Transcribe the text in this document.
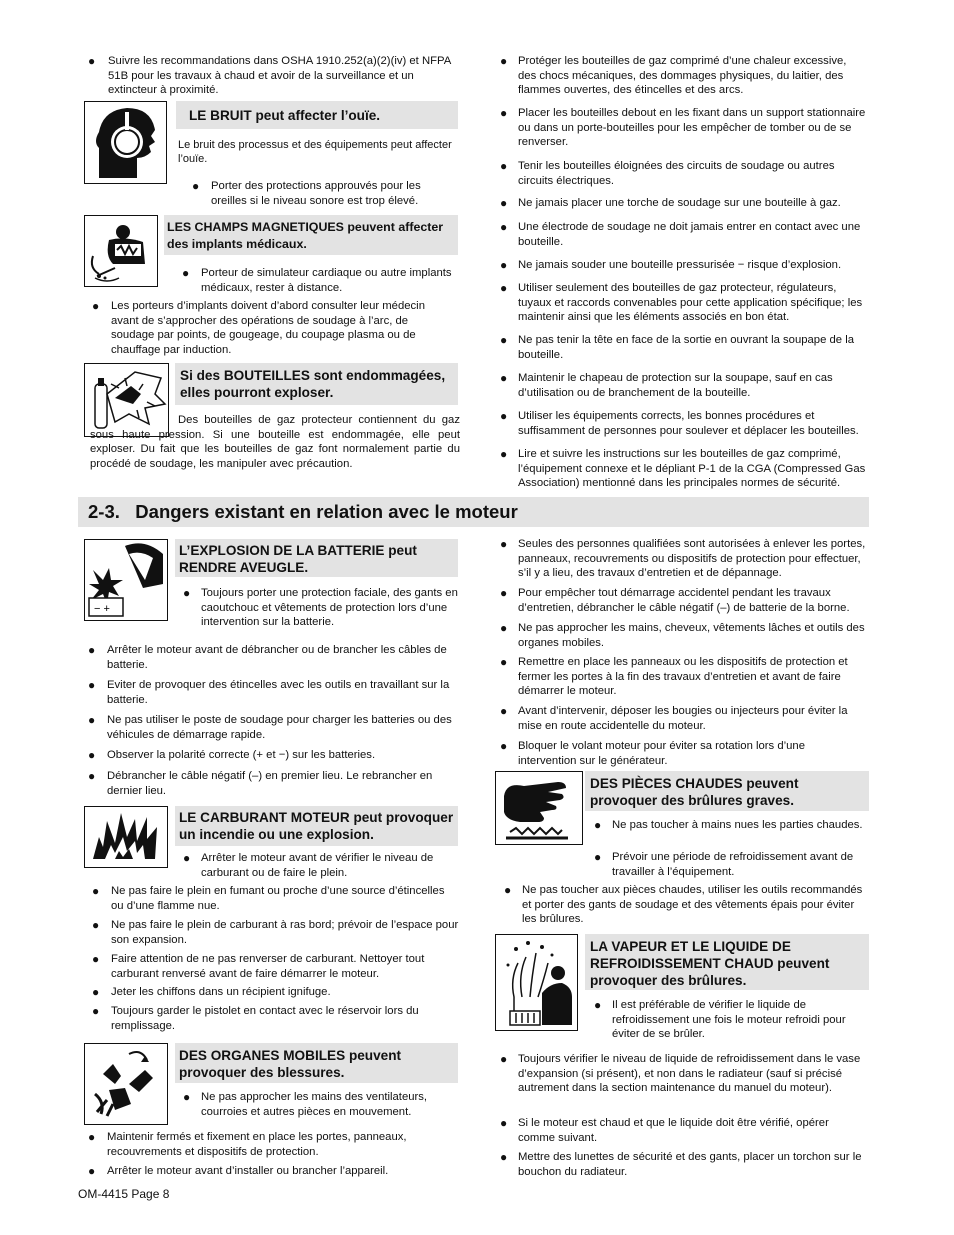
● Suivre les recommandations dans OSHA 1910.252(a)(2)(iv) et NFPA 51B pour les travaux à chaud et avoir de la surveillance et un extincteur à proximité.
LE BRUIT peut affecter l’ouïe.
Le bruit des processus et des équipements peut affecter l’ouïe.
● Porter des protections approuvés pour les oreilles si le niveau sonore est trop élevé.
LES CHAMPS MAGNETIQUES peuvent affecter des implants médicaux.
● Porteur de simulateur cardiaque ou autre implants médicaux, rester à distance.
● Les porteurs d’implants doivent d’abord consulter leur médecin avant de s’approcher des opérations de soudage à l’arc, de soudage par points, de gougeage, du coupage plasma ou de chauffage par induction.
Si des BOUTEILLES sont endommagées, elles pourront exploser.
Des bouteilles de gaz protecteur contiennent du gaz sous haute pression. Si une bouteille est endommagée, elle peut exploser. Du fait que les bouteilles de gaz font normalement partie du procédé de soudage, les manipuler avec précaution.
● Protéger les bouteilles de gaz comprimé d’une chaleur excessive, des chocs mécaniques, des dommages physiques, du laitier, des flammes ouvertes, des étincelles et des arcs.
● Placer les bouteilles debout en les fixant dans un support stationnaire ou dans un porte-bouteilles pour les empêcher de tomber ou de se renverser.
● Tenir les bouteilles éloignées des circuits de soudage ou autres circuits électriques.
● Ne jamais placer une torche de soudage sur une bouteille à gaz.
● Une électrode de soudage ne doit jamais entrer en contact avec une bouteille.
● Ne jamais souder une bouteille pressurisée − risque d’explosion.
● Utiliser seulement des bouteilles de gaz protecteur, régulateurs, tuyaux et raccords convenables pour cette application spécifique; les maintenir ainsi que les éléments associés en bon état.
● Ne pas tenir la tête en face de la sortie en ouvrant la soupape de la bouteille.
● Maintenir le chapeau de protection sur la soupape, sauf en cas d’utilisation ou de branchement de la bouteille.
● Utiliser les équipements corrects, les bonnes procédures et suffisamment de personnes pour soulever et déplacer les bouteilles.
● Lire et suivre les instructions sur les bouteilles de gaz comprimé, l’équipement connexe et le dépliant P-1 de la CGA (Compressed Gas Association) mentionné dans les principales normes de sécurité.
2-3.   Dangers existant en relation avec le moteur
− +
L’EXPLOSION DE LA BATTERIE peut RENDRE AVEUGLE.
● Toujours porter une protection faciale, des gants en caoutchouc et vêtements de protection lors d’une intervention sur la batterie.
● Arrêter le moteur avant de débrancher ou de brancher les câbles de batterie.
● Eviter de provoquer des étincelles avec les outils en travaillant sur la batterie.
● Ne pas utiliser le poste de soudage pour charger les batteries ou des véhicules de démarrage rapide.
● Observer la polarité correcte (+ et −) sur les batteries.
● Débrancher le câble négatif (–) en premier lieu. Le rebrancher en dernier lieu.
LE CARBURANT MOTEUR peut provoquer un incendie ou une explosion.
● Arrêter le moteur avant de vérifier le niveau de carburant ou de faire le plein.
● Ne pas faire le plein en fumant ou proche d’une source d’étincelles ou d’une flamme nue.
● Ne pas faire le plein de carburant à ras bord; prévoir de l’espace pour son expansion.
● Faire attention de ne pas renverser de carburant. Nettoyer tout carburant renversé avant de faire démarrer le moteur.
● Jeter les chiffons dans un récipient ignifuge.
● Toujours garder le pistolet en contact avec le réservoir lors du remplissage.
DES ORGANES MOBILES peuvent provoquer des blessures.
● Ne pas approcher les mains des ventilateurs, courroies et autres pièces en mouvement.
● Maintenir fermés et fixement en place les portes, panneaux, recouvrements et dispositifs de protection.
● Arrêter le moteur avant d’installer ou brancher l’appareil.
● Seules des personnes qualifiées sont autorisées à enlever les portes, panneaux, recouvrements ou dispositifs de protection pour effectuer, s’il y a lieu, des travaux d’entretien et de dépannage.
● Pour empêcher tout démarrage accidentel pendant les travaux d’entretien, débrancher le câble négatif (–) de batterie de la borne.
● Ne pas approcher les mains, cheveux, vêtements lâches et outils des organes mobiles.
● Remettre en place les panneaux ou les dispositifs de protection et fermer les portes à la fin des travaux d’entretien et avant de faire démarrer le moteur.
● Avant d’intervenir, déposer les bougies ou injecteurs pour éviter la mise en route accidentelle du moteur.
● Bloquer le volant moteur pour éviter sa rotation lors d’une intervention sur le générateur.
DES PIÈCES CHAUDES peuvent provoquer des brûlures graves.
● Ne pas toucher à mains nues les parties chaudes.
● Prévoir une période de refroidissement avant de travailler à l’équipement.
● Ne pas toucher aux pièces chaudes, utiliser les outils recommandés et porter des gants de soudage et des vêtements épais pour éviter les brûlures.
LA VAPEUR ET LE LIQUIDE DE REFROIDISSEMENT CHAUD peuvent provoquer des brûlures.
● Il est préférable de vérifier le liquide de refroidissement une fois le moteur refroidi pour éviter de se brûler.
● Toujours vérifier le niveau de liquide de refroidissement dans le vase d’expansion (si présent), et non dans le radiateur (sauf si précisé autrement dans la section maintenance du manuel du moteur).
● Si le moteur est chaud et que le liquide doit être vérifié, opérer comme suivant.
● Mettre des lunettes de sécurité et des gants, placer un torchon sur le bouchon du radiateur.
OM-4415 Page 8
